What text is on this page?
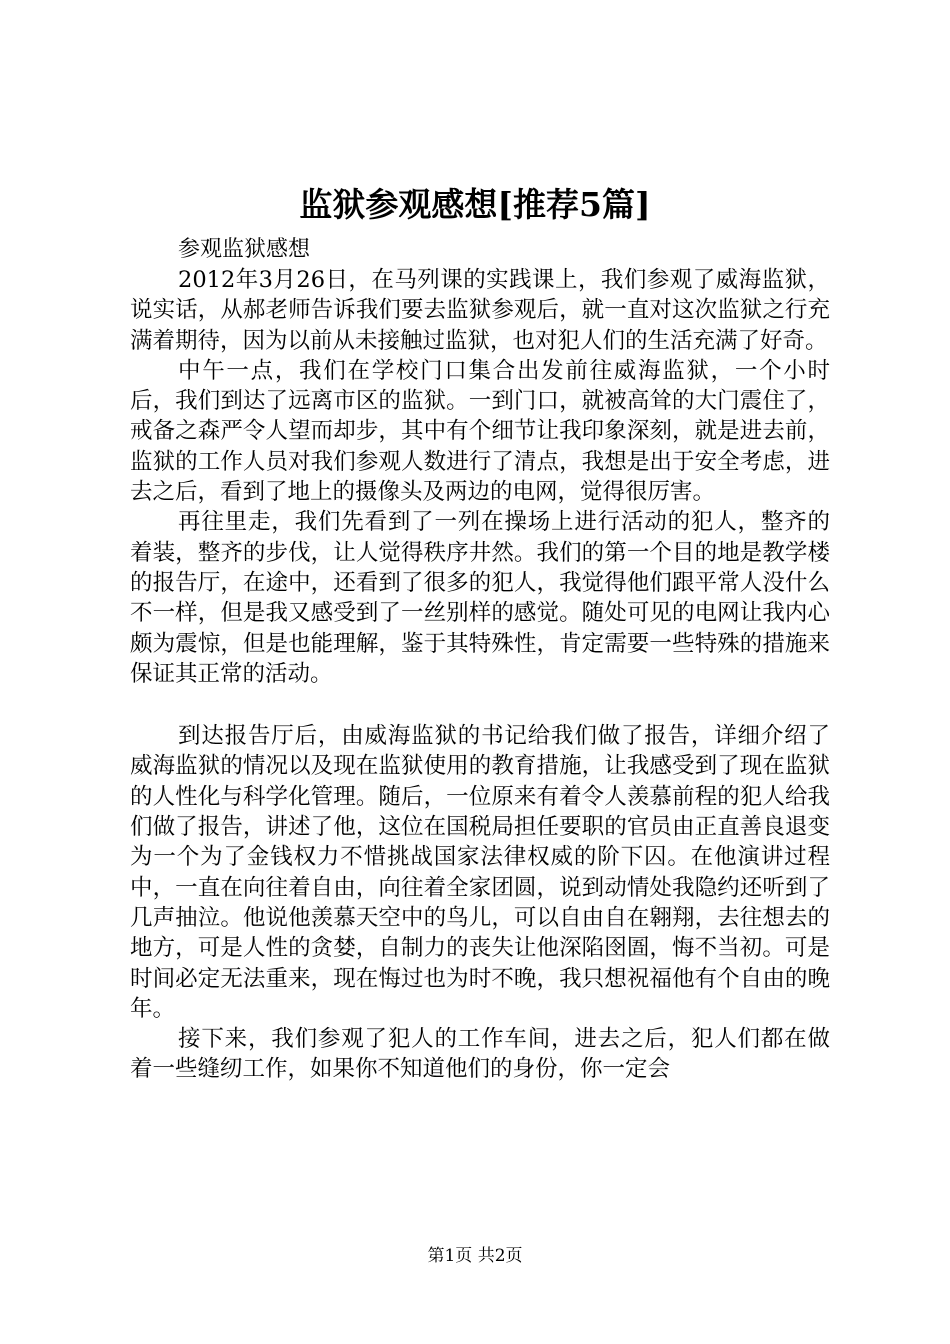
监狱参观感想[推荐5篇]

参观监狱感想

2012年3月26日，在马列课的实践课上，我们参观了威海监狱，说实话，从郝老师告诉我们要去监狱参观后，就一直对这次监狱之行充满着期待，因为以前从未接触过监狱，也对犯人们的生活充满了好奇。

中午一点，我们在学校门口集合出发前往威海监狱，一个小时后，我们到达了远离市区的监狱。一到门口，就被高耸的大门震住了，戒备之森严令人望而却步，其中有个细节让我印象深刻，就是进去前，监狱的工作人员对我们参观人数进行了清点，我想是出于安全考虑，进去之后，看到了地上的摄像头及两边的电网，觉得很厉害。

再往里走，我们先看到了一列在操场上进行活动的犯人，整齐的着装，整齐的步伐，让人觉得秩序井然。我们的第一个目的地是教学楼的报告厅，在途中，还看到了很多的犯人，我觉得他们跟平常人没什么不一样，但是我又感受到了一丝别样的感觉。随处可见的电网让我内心颇为震惊，但是也能理解，鉴于其特殊性，肯定需要一些特殊的措施来保证其正常的活动。

到达报告厅后，由威海监狱的书记给我们做了报告，详细介绍了威海监狱的情况以及现在监狱使用的教育措施，让我感受到了现在监狱的人性化与科学化管理。随后，一位原来有着令人羡慕前程的犯人给我们做了报告，讲述了他，这位在国税局担任要职的官员由正直善良退变为一个为了金钱权力不惜挑战国家法律权威的阶下囚。在他演讲过程中，一直在向往着自由，向往着全家团圆，说到动情处我隐约还听到了几声抽泣。他说他羡慕天空中的鸟儿，可以自由自在翱翔，去往想去的地方，可是人性的贪婪，自制力的丧失让他深陷囹圄，悔不当初。可是时间必定无法重来，现在悔过也为时不晚，我只想祝福他有个自由的晚年。

接下来，我们参观了犯人的工作车间，进去之后，犯人们都在做着一些缝纫工作，如果你不知道他们的身份，你一定会

第1页 共2页
